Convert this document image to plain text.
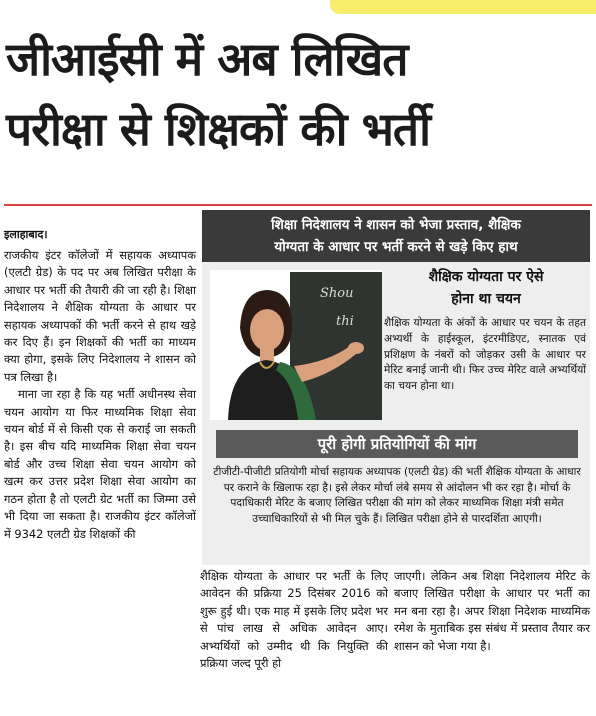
जीआईसी में अब लिखित
परीक्षा से शिक्षकों की भर्ती
इलाहाबाद।

राजकीय इंटर कॉलेजों में सहायक अध्यापक (एलटी ग्रेड) के पद पर अब लिखित परीक्षा के आधार पर भर्ती की तैयारी की जा रही है। शिक्षा निदेशालय ने शैक्षिक योग्यता के आधार पर सहायक अध्यापकों की भर्ती करने से हाथ खड़े कर दिए हैं। इन शिक्षकों की भर्ती का माध्यम क्या होगा, इसके लिए निदेशालय ने शासन को पत्र लिखा है।

माना जा रहा है कि यह भर्ती अधीनस्थ सेवा चयन आयोग या फिर माध्यमिक शिक्षा सेवा चयन बोर्ड में से किसी एक से कराई जा सकती है। इस बीच यदि माध्यमिक शिक्षा सेवा चयन बोर्ड और उच्च शिक्षा सेवा चयन आयोग को खत्म कर उत्तर प्रदेश शिक्षा सेवा आयोग का गठन होता है तो एलटी ग्रेट भर्ती का जिम्मा उसे भी दिया जा सकता है। राजकीय इंटर कॉलेजों में 9342 एलटी ग्रेड शिक्षकों की

शिक्षा निदेशालय ने शासन को भेजा प्रस्ताव, शैक्षिक
योग्यता के आधार पर भर्ती करने से खड़े किए हाथ
Shou
thi
शैक्षिक योग्यता पर ऐसे
होना था चयन
शैक्षिक योग्यता के अंकों के आधार पर चयन के तहत अभ्यर्थी के हाईस्कूल, इंटरमीडिएट, स्नातक एवं प्रशिक्षण के नंबरों को जोड़कर उसी के आधार पर मेरिट बनाई जानी थी। फिर उच्च मेरिट वाले अभ्यर्थियों का चयन होना था।
पूरी होगी प्रतियोगियों की मांग
टीजीटी-पीजीटी प्रतियोगी मोर्चा सहायक अध्यापक (एलटी ग्रेड) की भर्ती शैक्षिक योग्यता के आधार पर कराने के खिलाफ रहा है। इसे लेकर मोर्चा लंबे समय से आंदोलन भी कर रहा है। मोर्चा के पदाधिकारी मेरिट के बजाए लिखित परीक्षा की मांग को लेकर माध्यमिक शिक्षा मंत्री समेत उच्चाधिकारियों से भी मिल चुके हैं। लिखित परीक्षा होने से पारदर्शिता आएगी।
शैक्षिक योग्यता के आधार पर भर्ती के लिए आवेदन की प्रक्रिया 25 दिसंबर 2016 को शुरू हुई थी। एक माह में इसके लिए प्रदेश भर से पांच लाख से अधिक आवेदन आए। अभ्यर्थियों को उम्मीद थी कि नियुक्ति की प्रक्रिया जल्द पूरी हो
जाएगी। लेकिन अब शिक्षा निदेशालय मेरिट के बजाए लिखित परीक्षा के आधार पर भर्ती का मन बना रहा है। अपर शिक्षा निदेशक माध्यमिक रमेश के मुताबिक इस संबंध में प्रस्ताव तैयार कर शासन को भेजा गया है।
